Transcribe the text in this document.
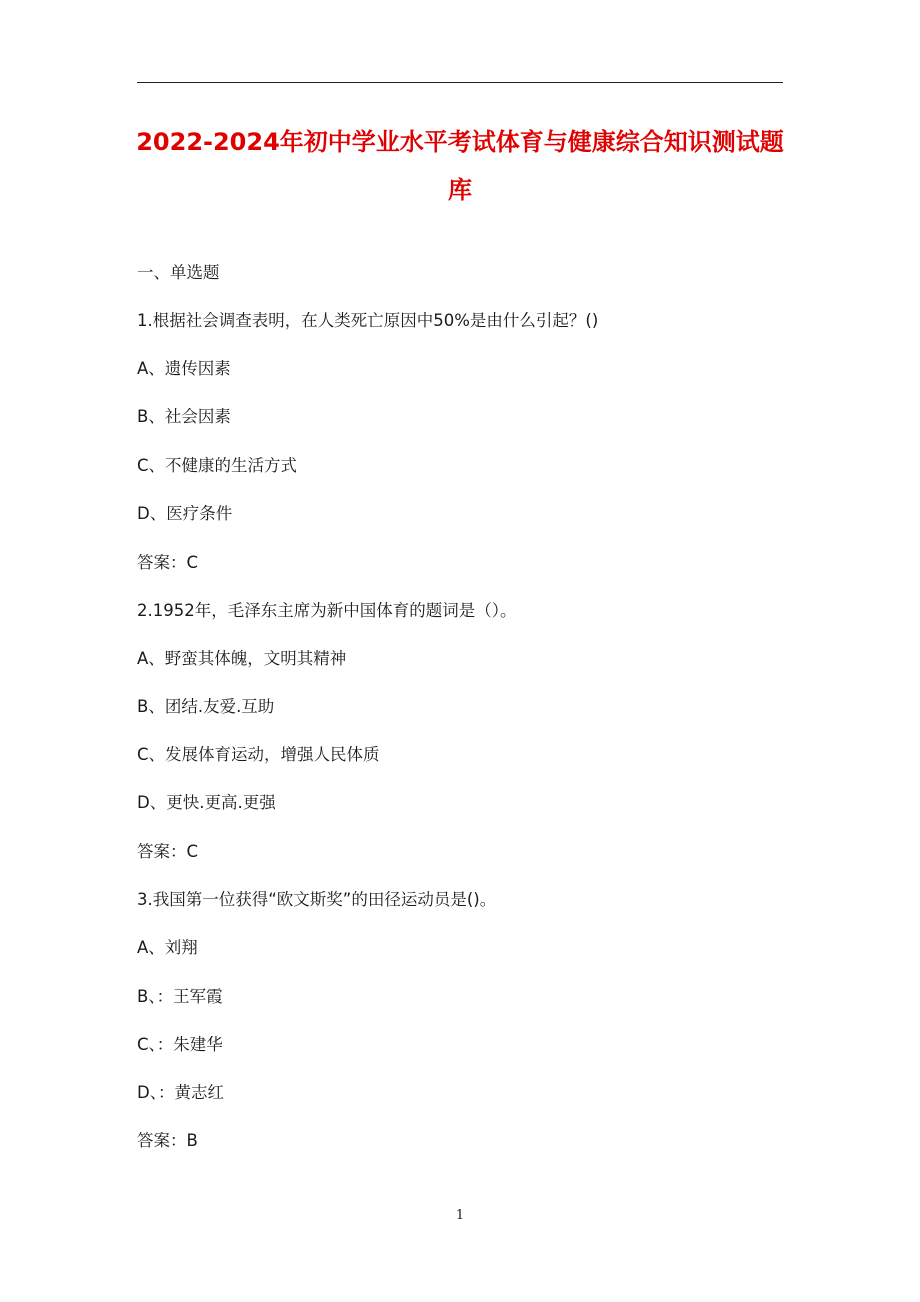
2022-2024年初中学业水平考试体育与健康综合知识测试题
库
一、单选题
1.根据社会调查表明，在人类死亡原因中50%是由什么引起？()
A、遗传因素
B、社会因素
C、不健康的生活方式
D、医疗条件
答案：C
2.1952年，毛泽东主席为新中国体育的题词是（）。
A、野蛮其体魄，文明其精神
B、团结.友爱.互助
C、发展体育运动，增强人民体质
D、更快.更高.更强
答案：C
3.我国第一位获得“欧文斯奖”的田径运动员是()。
A、刘翔
B、：王军霞
C、：朱建华
D、：黄志红
答案：B
1
